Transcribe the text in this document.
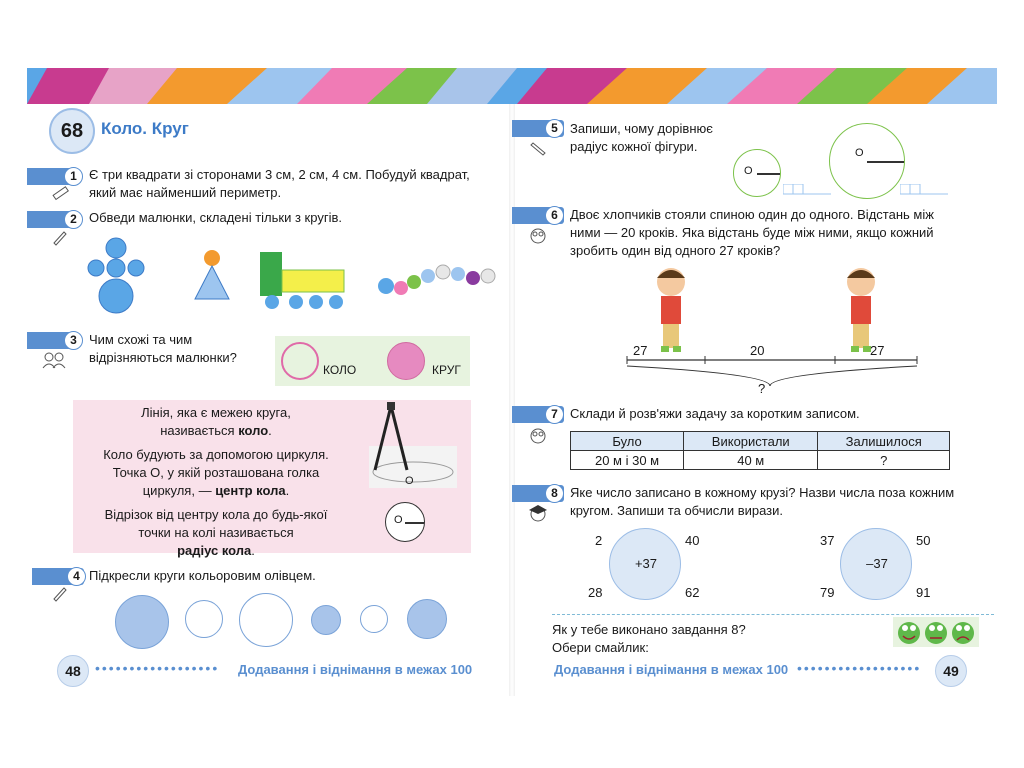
68	Коло. Круг
1 Є три квадрати зі сторонами 3 см, 2 см, 4 см. Побудуй квадрат, який має найменший периметр.
2 Обведи малюнки, складені тільки з кругів.
3 Чим схожі та чим відрізняються малюнки?
КОЛО	КРУГ
Лінія, яка є межею круга,
називається коло.
Коло будують за допомогою циркуля.
Точка O, у якій розташована голка
циркуля, — центр кола.
Відрізок від центру кола до будь-якої
точки на колі називається
радіус кола.
O
O
4 Підкресли круги кольоровим олівцем.
48	•••••••••••••••••• Додавання і віднімання в межах 100
5 Запиши, чому дорівнює радіус кожної фігури.
O
O
6 Двоє хлопчиків стояли спиною один до одного. Відстань між ними — 20 кроків. Яка відстань буде між ними, якщо кожний зробить один від одного 27 кроків?
27	20	27
?
7 Склади й розв'яжи задачу за коротким записом.
Було	Використали	Залишилося
20 м і 30 м	40 м	?
8 Яке число записано в кожному крузі? Назви числа поза кожним кругом. Запиши та обчисли вирази.
+37
2	40
28	62
–37
37	50
79	91
Як у тебе виконано завдання 8?
Обери смайлик:
Додавання і віднімання в межах 100 ••••••••••••••••••	49
